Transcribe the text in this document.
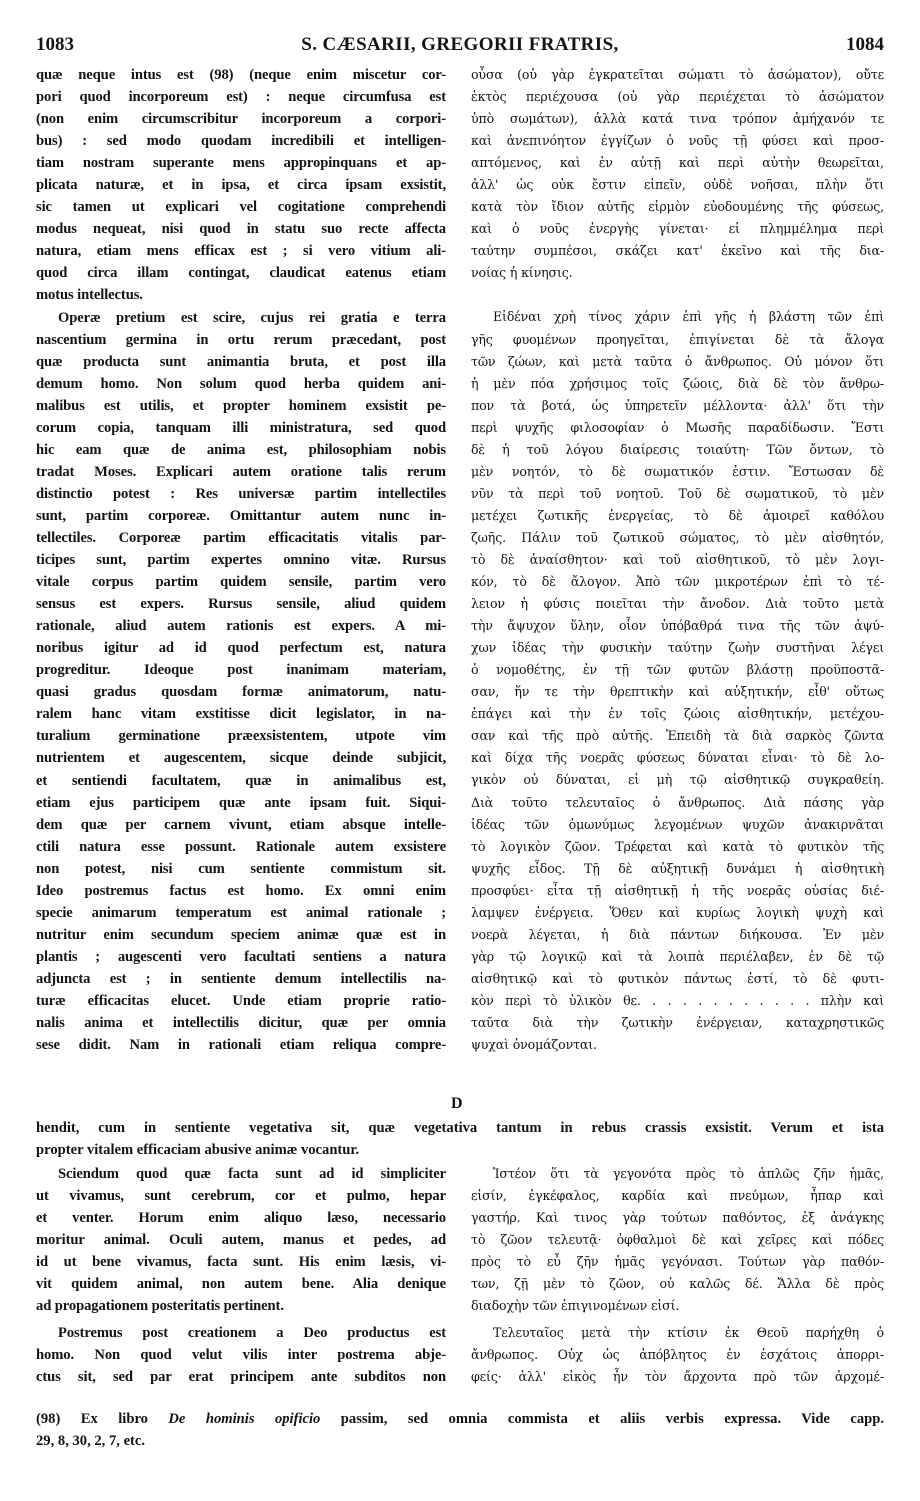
1083	S. CÆSARII, GREGORII FRATRIS,	1084
quæ neque intus est (98) (neque enim miscetur cor-
pori quod incorporeum est) : neque circumfusa est
(non enim circumscribitur incorporeum a corpori-
bus) : sed modo quodam incredibili et intelligen-
tiam nostram superante mens appropinquans et ap-
plicata naturæ, et in ipsa, et circa ipsam exsistit,
sic tamen ut explicari vel cogitatione comprehendi
modus nequeat, nisi quod in statu suo recte affecta
natura, etiam mens efficax est ; si vero vitium ali-
quod circa illam contingat, claudicat eatenus etiam
motus intellectus.
Operæ pretium est scire, cujus rei gratia e terra
nascentium germina in ortu rerum præcedant, post
quæ producta sunt animantia bruta, et post illa
demum homo. Non solum quod herba quidem ani-
malibus est utilis, et propter hominem exsistit pe-
corum copia, tanquam illi ministratura, sed quod
hic eam quæ de anima est, philosophiam nobis
tradat Moses. Explicari autem oratione talis rerum
distinctio potest : Res universæ partim intellectiles
sunt, partim corporeæ. Omittantur autem nunc in-
tellectiles. Corporeæ partim efficacitatis vitalis par-
ticipes sunt, partim expertes omnino vitæ. Rursus
vitale corpus partim quidem sensile, partim vero
sensus est expers. Rursus sensile, aliud quidem
rationale, aliud autem rationis est expers. A mi-
noribus igitur ad id quod perfectum est, natura
progreditur. Ideoque post inanimam materiam,
quasi gradus quosdam formæ animatorum, natu-
ralem hanc vitam exstitisse dicit legislator, in na-
turalium germinatione præexsistentem, utpote vim
nutrientem et augescentem, sicque deinde subjicit,
et sentiendi facultatem, quæ in animalibus est,
etiam ejus participem quæ ante ipsam fuit. Siqui-
dem quæ per carnem vivunt, etiam absque intelle-
ctili natura esse possunt. Rationale autem exsistere
non potest, nisi cum sentiente commistum sit.
Ideo postremus factus est homo. Ex omni enim
specie animarum temperatum est animal rationale ;
nutritur enim secundum speciem animæ quæ est in
plantis ; augescenti vero facultati sentiens a natura
adjuncta est ; in sentiente demum intellectilis na-
turæ efficacitas elucet. Unde etiam proprie ratio-
nalis anima et intellectilis dicitur, quæ per omnia
sese didit. Nam in rationali etiam reliqua compre-
οὖσα (οὐ γὰρ ἐγκρατεῖται σώματι τὸ ἀσώματον), οὔτε
ἐκτὸς περιέχουσα (οὐ γὰρ περιέχεται τὸ ἀσώματον
ὑπὸ σωμάτων), ἀλλὰ κατά τινα τρόπον ἀμήχανόν τε
καὶ ἀνεπινόητον ἐγγίζων ὁ νοῦς τῇ φύσει καὶ προσ-
απτόμενος, καὶ ἐν αὐτῇ καὶ περὶ αὐτὴν θεωρεῖται,
ἀλλ' ὡς οὐκ ἔστιν εἰπεῖν, οὐδὲ νοῆσαι, πλὴν ὅτι
κατὰ τὸν ἴδιον αὐτῆς εἱρμὸν εὐοδουμένης τῆς φύσεως,
καὶ ὁ νοῦς ἐνεργὴς γίνεται· εἰ πλημμέλημα περὶ
ταύτην συμπέσοι, σκάζει κατ' ἐκεῖνο καὶ τῆς δια-
νοίας ἡ κίνησις.
Εἰδέναι χρὴ τίνος χάριν ἐπὶ γῆς ἡ βλάστη τῶν ἐπὶ
γῆς φυομένων προηγεῖται, ἐπιγίνεται δὲ τὰ ἄλογα
τῶν ζώων, καὶ μετὰ ταῦτα ὁ ἄνθρωπος. Οὐ μόνον ὅτι
ἡ μὲν πόα χρήσιμος τοῖς ζώοις, διὰ δὲ τὸν ἄνθρω-
πον τὰ βοτά, ὡς ὑπηρετεῖν μέλλοντα· ἀλλ' ὅτι τὴν
περὶ ψυχῆς φιλοσοφίαν ὁ Μωσῆς παραδίδωσιν. Ἔστι
δὲ ἡ τοῦ λόγου διαίρεσις τοιαύτη· Τῶν ὄντων, τὸ
μὲν νοητόν, τὸ δὲ σωματικόν ἐστιν. Ἔστωσαν δὲ
νῦν τὰ περὶ τοῦ νοητοῦ. Τοῦ δὲ σωματικοῦ, τὸ μὲν
μετέχει ζωτικῆς ἐνεργείας, τὸ δὲ ἀμοιρεῖ καθόλου
ζωῆς. Πάλιν τοῦ ζωτικοῦ σώματος, τὸ μὲν αἰσθητόν,
τὸ δὲ ἀναίσθητον· καὶ τοῦ αἰσθητικοῦ, τὸ μὲν λογι-
κόν, τὸ δὲ ἄλογον. Ἀπὸ τῶν μικροτέρων ἐπὶ τὸ τέ-
λειον ἡ φύσις ποιεῖται τὴν ἄνοδον. Διὰ τοῦτο μετὰ
τὴν ἄψυχον ὕλην, οἷον ὑπόβαθρά τινα τῆς τῶν ἀψύ-
χων ἰδέας τὴν φυσικὴν ταύτην ζωὴν συστῆναι λέγει
ὁ νομοθέτης, ἐν τῇ τῶν φυτῶν βλάστῃ προϋποστᾶ-
σαν, ἥν τε τὴν θρεπτικὴν καὶ αὐξητικήν, εἶθ' οὕτως
ἐπάγει καὶ τὴν ἐν τοῖς ζώοις αἰσθητικήν, μετέχου-
σαν καὶ τῆς πρὸ αὐτῆς. Ἐπειδὴ τὰ διὰ σαρκὸς ζῶντα
καὶ δίχα τῆς νοερᾶς φύσεως δύναται εἶναι· τὸ δὲ λο-
γικὸν οὐ δύναται, εἰ μὴ τῷ αἰσθητικῷ συγκραθείη.
Διὰ τοῦτο τελευταῖος ὁ ἄνθρωπος. Διὰ πάσης γὰρ
ἰδέας τῶν ὁμωνύμως λεγομένων ψυχῶν ἀνακιρνᾶται
τὸ λογικὸν ζῶον. Τρέφεται καὶ κατὰ τὸ φυτικὸν τῆς
ψυχῆς εἶδος. Τῇ δὲ αὐξητικῇ δυνάμει ἡ αἰσθητικὴ
προσφύει· εἶτα τῇ αἰσθητικῇ ἡ τῆς νοερᾶς οὐσίας διέ-
λαμψεν ἐνέργεια. Ὅθεν καὶ κυρίως λογικὴ ψυχὴ καὶ
νοερὰ λέγεται, ἡ διὰ πάντων διήκουσα. Ἐν μὲν
γὰρ τῷ λογικῷ καὶ τὰ λοιπὰ περιέλαβεν, ἐν δὲ τῷ
αἰσθητικῷ καὶ τὸ φυτικὸν πάντως ἐστί, τὸ δὲ φυτι-
κὸν περὶ τὸ ὑλικὸν θε. . . . . . . . . . . . πλὴν καὶ
ταῦτα διὰ τὴν ζωτικὴν ἐνέργειαν, καταχρηστικῶς
ψυχαὶ ὀνομάζονται.
D
hendit, cum in sentiente vegetativa sit, quæ vegetativa tantum in rebus crassis exsistit. Verum et ista
propter vitalem efficaciam abusive animæ vocantur.
(98) Ex libro De hominis opificio passim, sed omnia commista et aliis verbis expressa. Vide capp.
29, 8, 30, 2, 7, etc.
Sciendum quod quæ facta sunt ad id simpliciter
ut vivamus, sunt cerebrum, cor et pulmo, hepar
et venter. Horum enim aliquo læso, necessario
moritur animal. Oculi autem, manus et pedes, ad
id ut bene vivamus, facta sunt. His enim læsis, vi-
vit quidem animal, non autem bene. Alia denique
ad propagationem posteritatis pertinent.
Postremus post creationem a Deo productus est
homo. Non quod velut vilis inter postrema abje-
ctus sit, sed par erat principem ante subditos non
Ἰστέον ὅτι τὰ γεγονότα πρὸς τὸ ἁπλῶς ζῆν ἡμᾶς,
εἰσίν, ἐγκέφαλος, καρδία καὶ πνεύμων, ἧπαρ καὶ
γαστήρ. Καὶ τινος γὰρ τούτων παθόντος, ἐξ ἀνάγκης
τὸ ζῶον τελευτᾷ· ὀφθαλμοὶ δὲ καὶ χεῖρες καὶ πόδες
πρὸς τὸ εὖ ζῆν ἡμᾶς γεγόνασι. Τούτων γὰρ παθόν-
των, ζῇ μὲν τὸ ζῶον, οὐ καλῶς δέ. Ἄλλα δὲ πρὸς
διαδοχὴν τῶν ἐπιγινομένων εἰσί.
Τελευταῖος μετὰ τὴν κτίσιν ἐκ Θεοῦ παρήχθη ὁ
ἄνθρωπος. Οὐχ ὡς ἀπόβλητος ἐν ἐσχάτοις ἀπορρι-
φείς· ἀλλ' εἰκὸς ἦν τὸν ἄρχοντα πρὸ τῶν ἀρχομέ-
